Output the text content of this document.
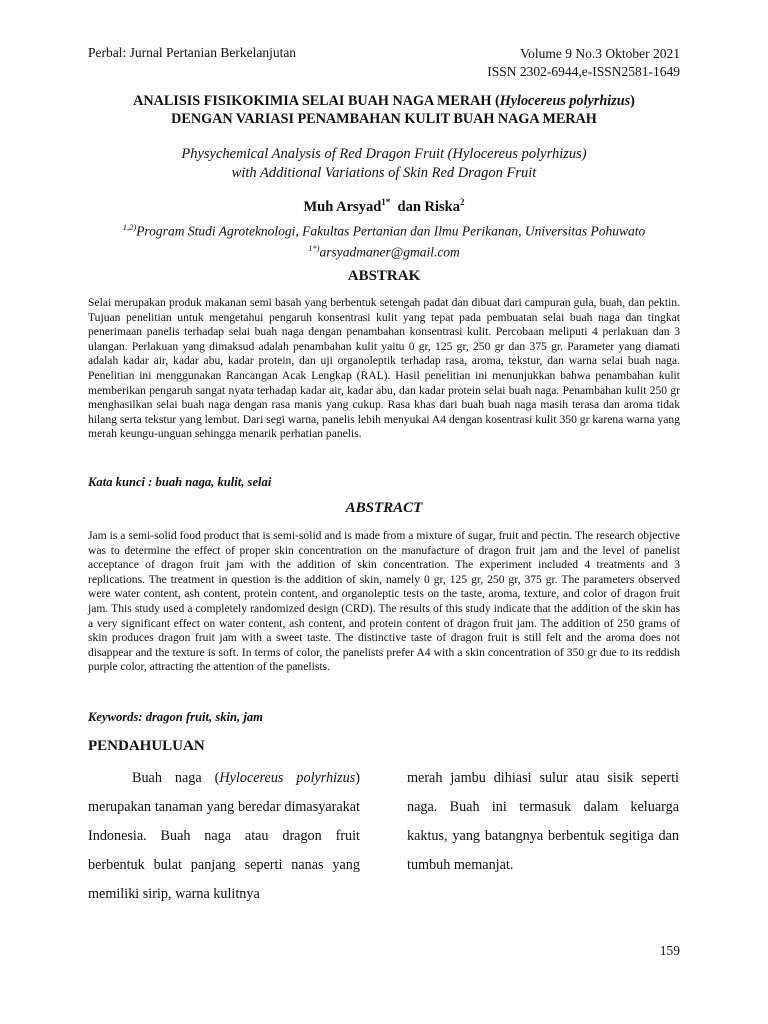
Perbal: Jurnal Pertanian Berkelanjutan	Volume 9 No.3 Oktober 2021
ISSN 2302-6944,e-ISSN2581-1649
ANALISIS FISIKOKIMIA SELAI BUAH NAGA MERAH (Hylocereus polyrhizus)
DENGAN VARIASI PENAMBAHAN KULIT BUAH NAGA MERAH
Physychemical Analysis of Red Dragon Fruit (Hylocereus polyrhizus)
with Additional Variations of Skin Red Dragon Fruit
Muh Arsyad$^{1*}$ dan Riska$^2$
$^{1,2)}$Program Studi Agroteknologi, Fakultas Pertanian dan Ilmu Perikanan, Universitas Pohuwato
$^{1*)}$arsyadmaner@gmail.com
ABSTRAK
Selai merupakan produk makanan semi basah yang berbentuk setengah padat dan dibuat dari campuran gula, buah, dan pektin. Tujuan penelitian untuk mengetahui pengaruh konsentrasi kulit yang tepat pada pembuatan selai buah naga dan tingkat penerimaan panelis terhadap selai buah naga dengan penambahan konsentrasi kulit. Percobaan meliputi 4 perlakuan dan 3 ulangan. Perlakuan yang dimaksud adalah penambahan kulit yaitu 0 gr, 125 gr, 250 gr dan 375 gr. Parameter yang diamati adalah kadar air, kadar abu, kadar protein, dan uji organoleptik terhadap rasa, aroma, tekstur, dan warna selai buah naga. Penelitian ini menggunakan Rancangan Acak Lengkap (RAL). Hasil penelitian ini menunjukkan bahwa penambahan kulit memberikan pengaruh sangat nyata terhadap kadar air, kadar abu, dan kadar protein selai buah naga. Penambahan kulit 250 gr menghasilkan selai buah naga dengan rasa manis yang cukup. Rasa khas dari buah buah naga masih terasa dan aroma tidak hilang serta tekstur yang lembut. Dari segi warna, panelis lebih menyukai A4 dengan kosentrasi kulit 350 gr karena warna yang merah keungu-unguan sehingga menarik perhatian panelis.
Kata kunci : buah naga, kulit, selai
ABSTRACT
Jam is a semi-solid food product that is semi-solid and is made from a mixture of sugar, fruit and pectin. The research objective was to determine the effect of proper skin concentration on the manufacture of dragon fruit jam and the level of panelist acceptance of dragon fruit jam with the addition of skin concentration. The experiment included 4 treatments and 3 replications. The treatment in question is the addition of skin, namely 0 gr, 125 gr, 250 gr, 375 gr. The parameters observed were water content, ash content, protein content, and organoleptic tests on the taste, aroma, texture, and color of dragon fruit jam. This study used a completely randomized design (CRD). The results of this study indicate that the addition of the skin has a very significant effect on water content, ash content, and protein content of dragon fruit jam. The addition of 250 grams of skin produces dragon fruit jam with a sweet taste. The distinctive taste of dragon fruit is still felt and the aroma does not disappear and the texture is soft. In terms of color, the panelists prefer A4 with a skin concentration of 350 gr due to its reddish purple color, attracting the attention of the panelists.
Keywords: dragon fruit, skin, jam
PENDAHULUAN

Buah naga (Hylocereus polyrhizus) merupakan tanaman yang beredar dimasyarakat Indonesia. Buah naga atau dragon fruit berbentuk bulat panjang seperti nanas yang memiliki sirip, warna kulitnya

merah jambu dihiasi sulur atau sisik seperti naga. Buah ini termasuk dalam keluarga kaktus, yang batangnya berbentuk segitiga dan tumbuh memanjat.

159
